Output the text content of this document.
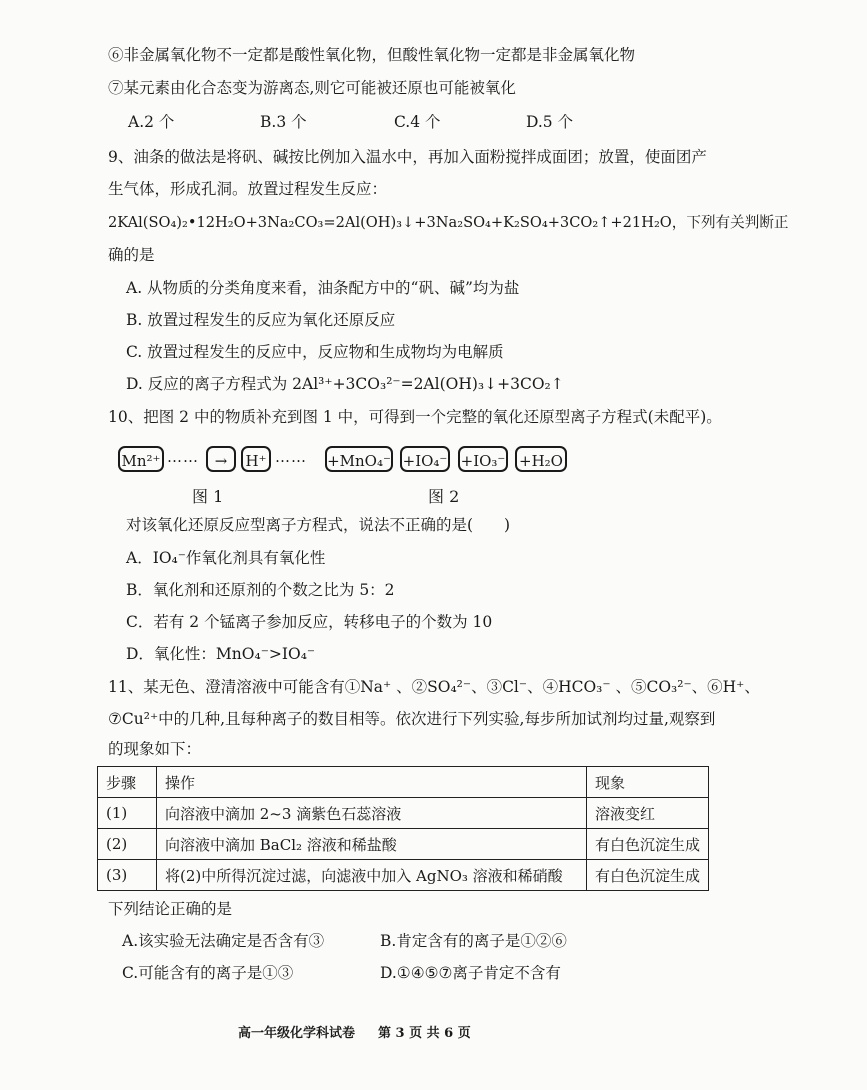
⑥非金属氧化物不一定都是酸性氧化物，但酸性氧化物一定都是非金属氧化物
⑦某元素由化合态变为游离态,则它可能被还原也可能被氧化
A.2 个	B.3 个	C.4 个	D.5 个
9、油条的做法是将矾、碱按比例加入温水中，再加入面粉搅拌成面团；放置，使面团产
生气体，形成孔洞。放置过程发生反应：
2KAl(SO₄)₂•12H₂O+3Na₂CO₃=2Al(OH)₃↓+3Na₂SO₄+K₂SO₄+3CO₂↑+21H₂O，下列有关判断正
确的是
A. 从物质的分类角度来看，油条配方中的“矾、碱”均为盐
B. 放置过程发生的反应为氧化还原反应
C. 放置过程发生的反应中，反应物和生成物均为电解质
D. 反应的离子方程式为 2Al³⁺+3CO₃²⁻=2Al(OH)₃↓+3CO₂↑
10、把图 2 中的物质补充到图 1 中，可得到一个完整的氧化还原型离子方程式(未配平)。
Mn²⁺ ……	→	H⁺ …… +MnO₄⁻ +IO₄⁻ +IO₃⁻ +H₂O
图 1	图 2
对该氧化还原反应型离子方程式，说法不正确的是(　　)
A．IO₄⁻作氧化剂具有氧化性
B．氧化剂和还原剂的个数之比为 5：2
C．若有 2 个锰离子参加反应，转移电子的个数为 10
D．氧化性：MnO₄⁻>IO₄⁻
11、某无色、澄清溶液中可能含有①Na⁺ 、②SO₄²⁻、③Cl⁻、④HCO₃⁻ 、⑤CO₃²⁻、⑥H⁺、
⑦Cu²⁺中的几种,且每种离子的数目相等。依次进行下列实验,每步所加试剂均过量,观察到
的现象如下：
步骤	操作	现象
(1)	向溶液中滴加 2~3 滴紫色石蕊溶液	溶液变红
(2)	向溶液中滴加 BaCl₂ 溶液和稀盐酸	有白色沉淀生成
(3)	将(2)中所得沉淀过滤，向滤液中加入 AgNO₃ 溶液和稀硝酸	有白色沉淀生成
下列结论正确的是
A.该实验无法确定是否含有③	B.肯定含有的离子是①②⑥
C.可能含有的离子是①③	D.①④⑤⑦离子肯定不含有
高一年级化学科试卷 第 3 页 共 6 页
